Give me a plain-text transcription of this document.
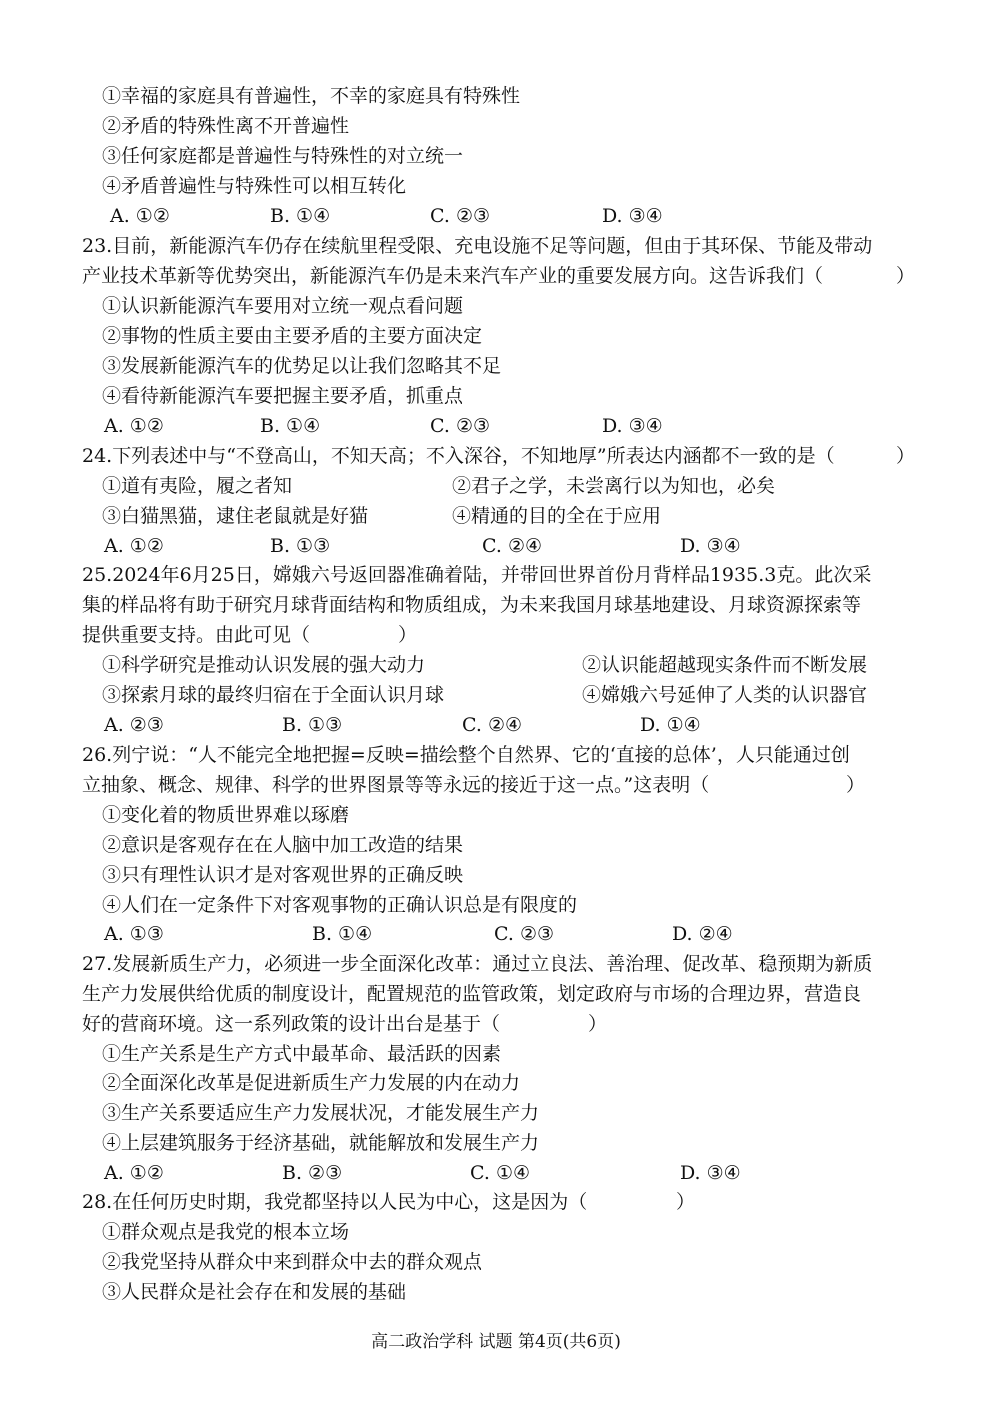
①幸福的家庭具有普遍性，不幸的家庭具有特殊性
②矛盾的特殊性离不开普遍性
③任何家庭都是普遍性与特殊性的对立统一
④矛盾普遍性与特殊性可以相互转化
A. ①②	B. ①④	C. ②③	D. ③④
23.目前，新能源汽车仍存在续航里程受限、充电设施不足等问题，但由于其环保、节能及带动
产业技术革新等优势突出，新能源汽车仍是未来汽车产业的重要发展方向。这告诉我们（	）
①认识新能源汽车要用对立统一观点看问题
②事物的性质主要由主要矛盾的主要方面决定
③发展新能源汽车的优势足以让我们忽略其不足
④看待新能源汽车要把握主要矛盾，抓重点
A. ①②	B. ①④	C. ②③	D. ③④
24.下列表述中与“不登高山，不知天高；不入深谷，不知地厚”所表达内涵都不一致的是（	）
①道有夷险，履之者知	②君子之学，未尝离行以为知也，必矣
③白猫黑猫，逮住老鼠就是好猫	④精通的目的全在于应用
A. ①②	B. ①③	C. ②④	D. ③④
25.2024年6月25日，嫦娥六号返回器准确着陆，并带回世界首份月背样品1935.3克。此次采
集的样品将有助于研究月球背面结构和物质组成，为未来我国月球基地建设、月球资源探索等
提供重要支持。由此可见（	）
①科学研究是推动认识发展的强大动力	②认识能超越现实条件而不断发展
③探索月球的最终归宿在于全面认识月球	④嫦娥六号延伸了人类的认识器官
A. ②③	B. ①③	C. ②④	D. ①④
26.列宁说：“人不能完全地把握=反映=描绘整个自然界、它的‘直接的总体’，人只能通过创
立抽象、概念、规律、科学的世界图景等等永远的接近于这一点。”这表明（	）
①变化着的物质世界难以琢磨
②意识是客观存在在人脑中加工改造的结果
③只有理性认识才是对客观世界的正确反映
④人们在一定条件下对客观事物的正确认识总是有限度的
A. ①③	B. ①④	C. ②③	D. ②④
27.发展新质生产力，必须进一步全面深化改革：通过立良法、善治理、促改革、稳预期为新质
生产力发展供给优质的制度设计，配置规范的监管政策，划定政府与市场的合理边界，营造良
好的营商环境。这一系列政策的设计出台是基于（	）
①生产关系是生产方式中最革命、最活跃的因素
②全面深化改革是促进新质生产力发展的内在动力
③生产关系要适应生产力发展状况，才能发展生产力
④上层建筑服务于经济基础，就能解放和发展生产力
A. ①②	B. ②③	C. ①④	D. ③④
28.在任何历史时期，我党都坚持以人民为中心，这是因为（	）
①群众观点是我党的根本立场
②我党坚持从群众中来到群众中去的群众观点
③人民群众是社会存在和发展的基础
高二政治学科 试题 第4页(共6页)
